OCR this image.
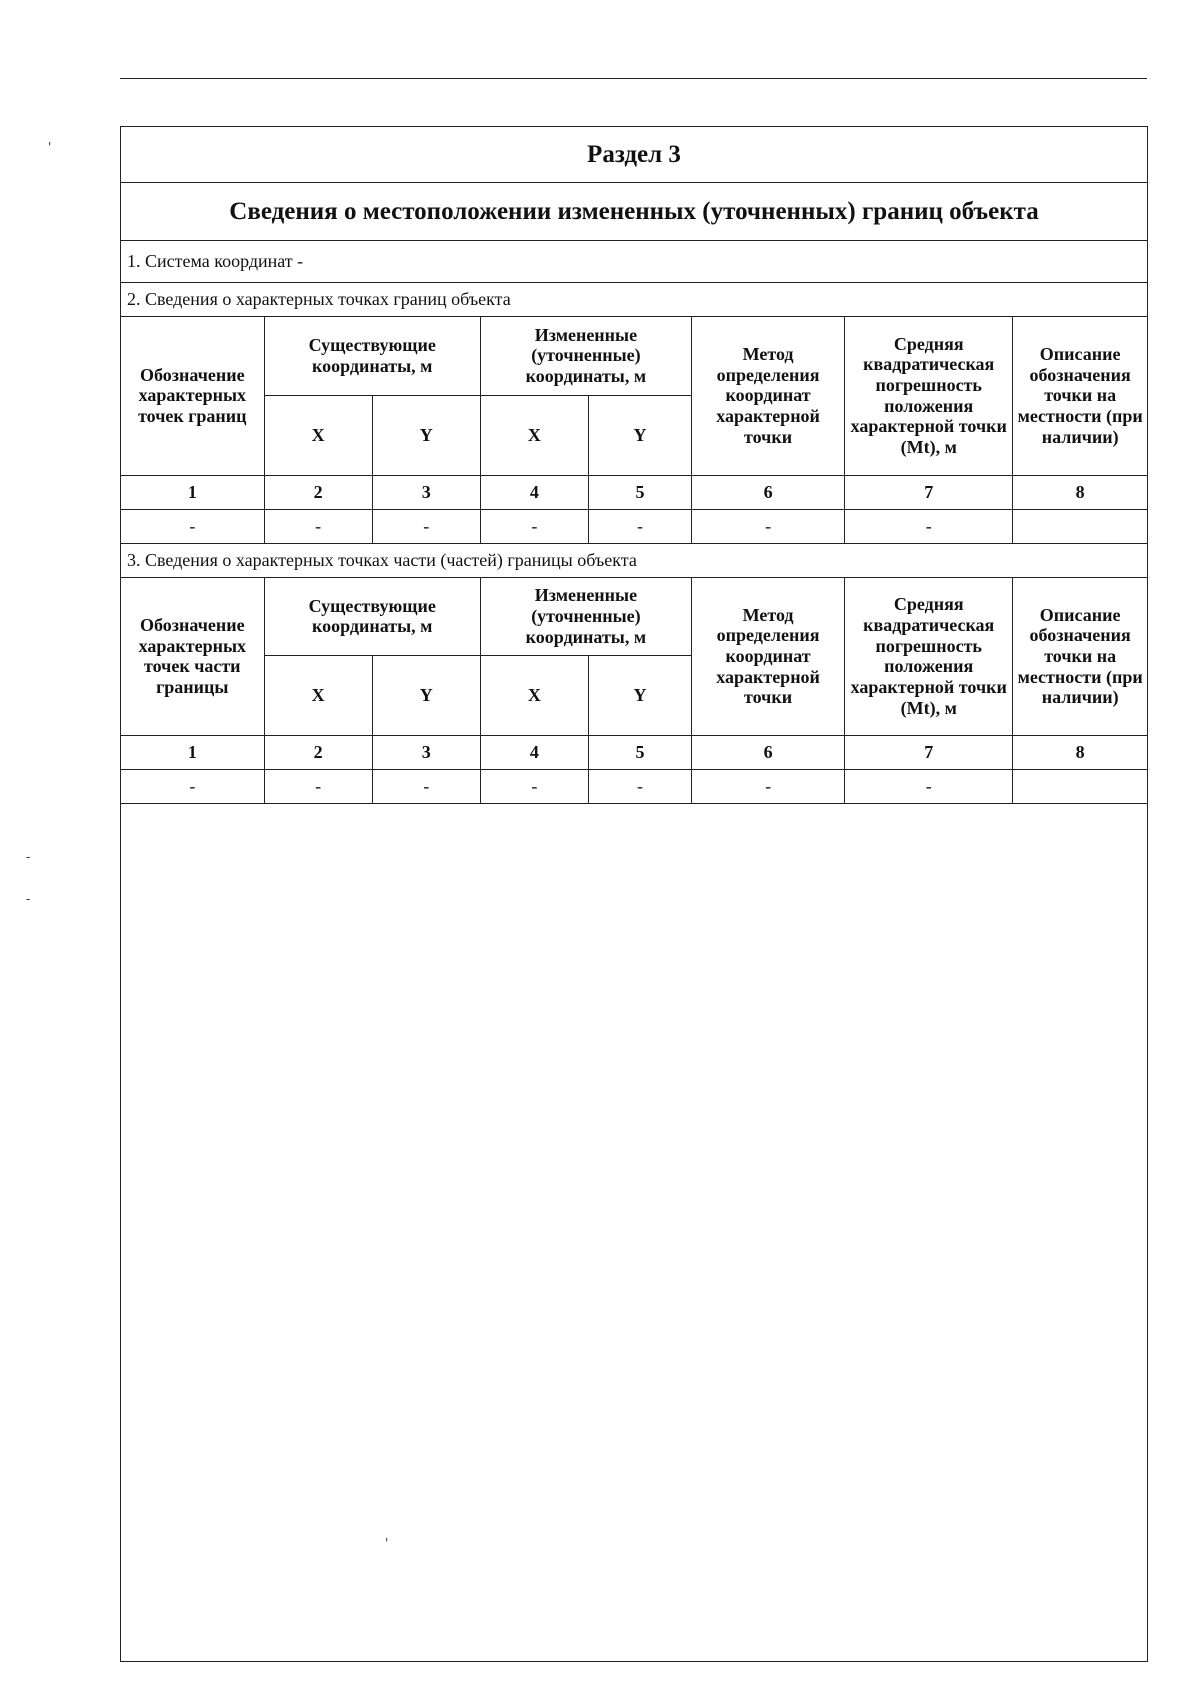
Раздел 3
Сведения о местоположении измененных (уточненных) границ объекта
1. Система координат -
2. Сведения о характерных точках границ объекта
Обозначение характерных точек границ	Существующие координаты, м		Измененные (уточненные) координаты, м		Метод определения координат характерной точки	Средняя квадратическая погрешность положения характерной точки (Mt), м	Описание обозначения точки на местности (при наличии)
	X	Y	X	Y			
1	2	3	4	5	6	7	8
-	-	-	-	-	-	-	
3. Сведения о характерных точках части (частей) границы объекта
Обозначение характерных точек части границы	Существующие координаты, м		Измененные (уточненные) координаты, м		Метод определения координат характерной точки	Средняя квадратическая погрешность положения характерной точки (Mt), м	Описание обозначения точки на местности (при наличии)
	X	Y	X	Y			
1	2	3	4	5	6	7	8
-	-	-	-	-	-	-	
'
-
-
'
